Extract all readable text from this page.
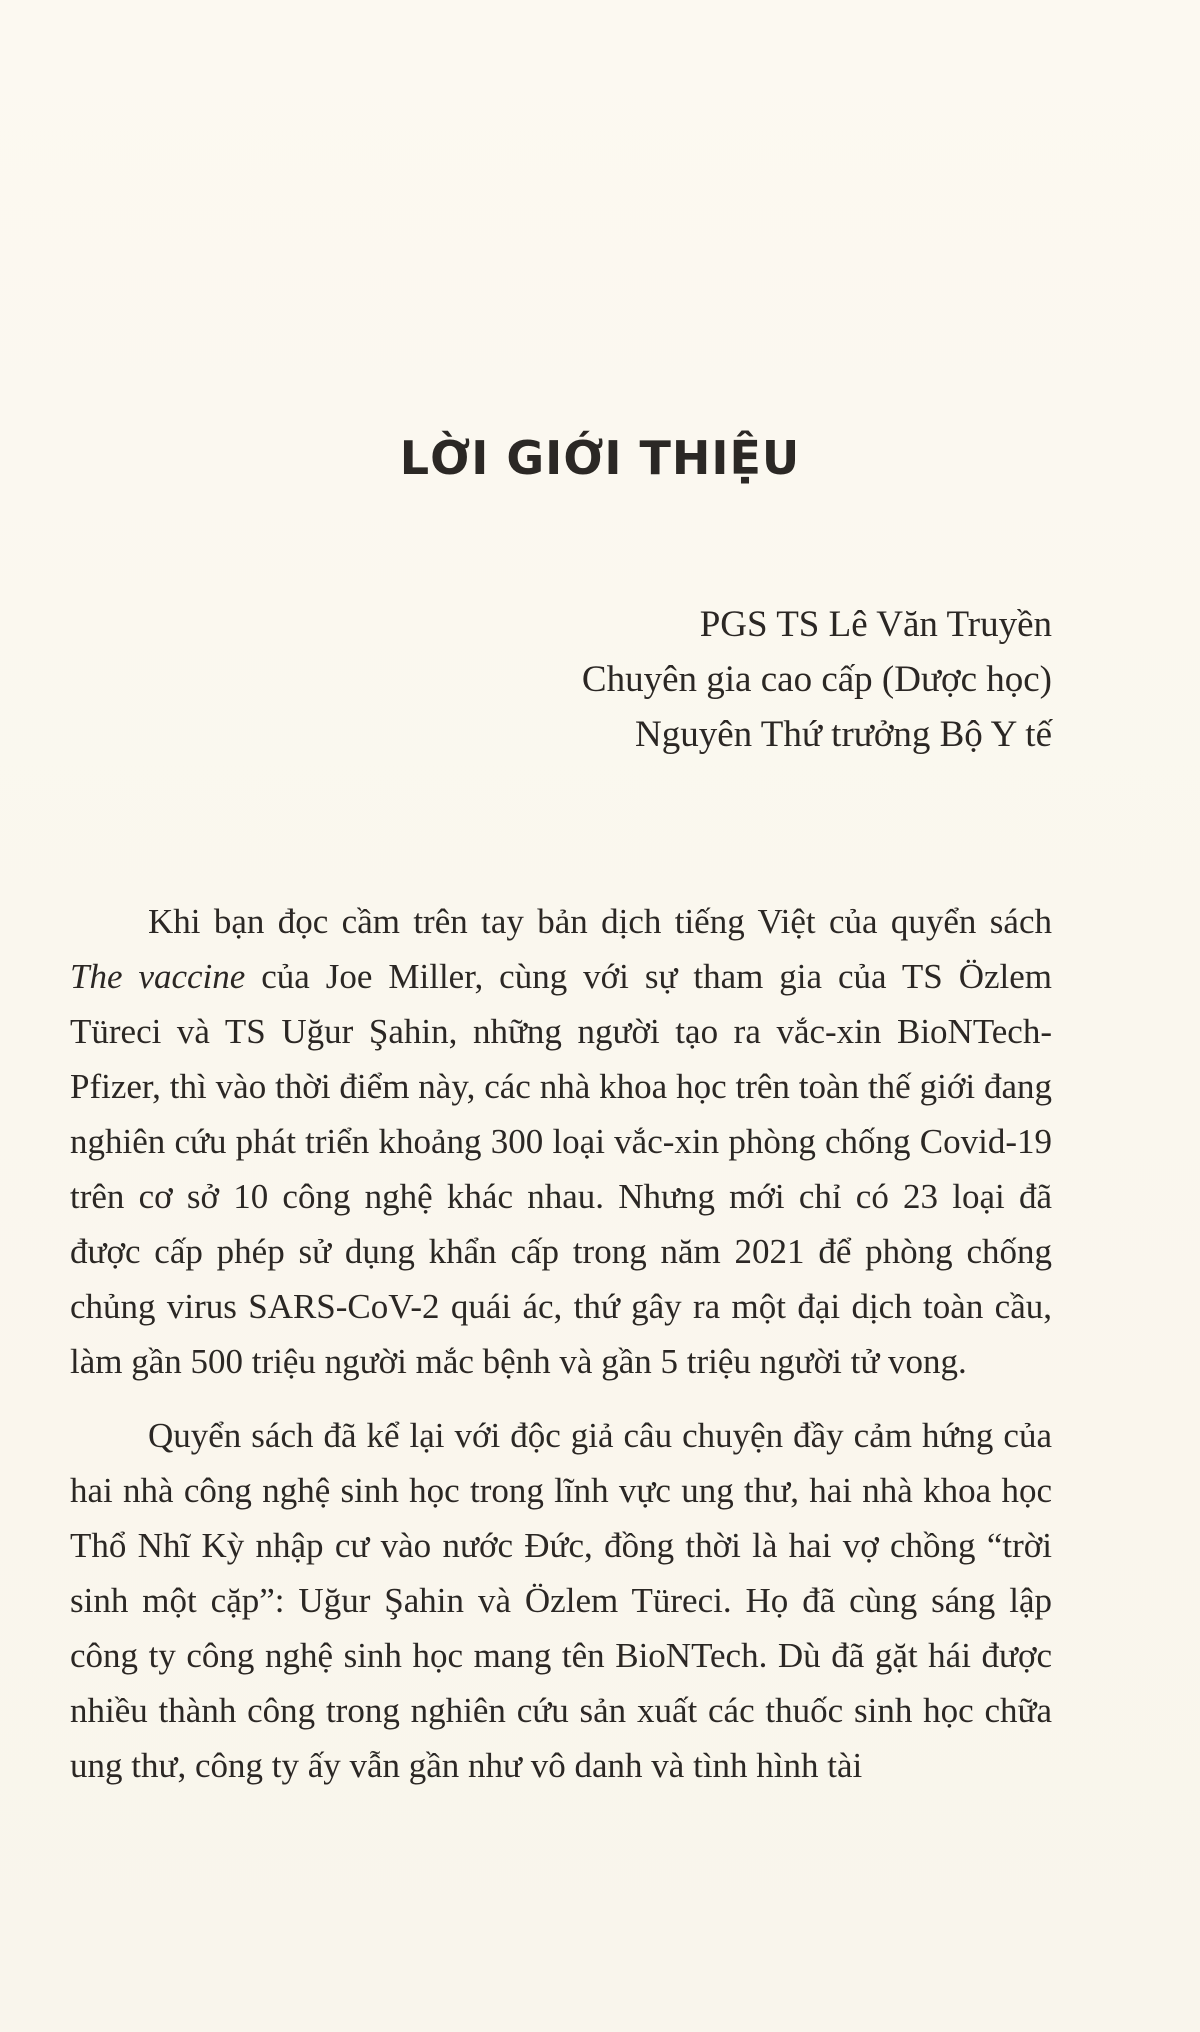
LỜI GIỚI THIỆU
PGS TS Lê Văn Truyền
Chuyên gia cao cấp (Dược học)
Nguyên Thứ trưởng Bộ Y tế

Khi bạn đọc cầm trên tay bản dịch tiếng Việt của quyển sách The vaccine của Joe Miller, cùng với sự tham gia của TS Özlem Türeci và TS Uğur Şahin, những người tạo ra vắc-xin BioNTech-Pfizer, thì vào thời điểm này, các nhà khoa học trên toàn thế giới đang nghiên cứu phát triển khoảng 300 loại vắc-xin phòng chống Covid-19 trên cơ sở 10 công nghệ khác nhau. Nhưng mới chỉ có 23 loại đã được cấp phép sử dụng khẩn cấp trong năm 2021 để phòng chống chủng virus SARS-CoV-2 quái ác, thứ gây ra một đại dịch toàn cầu, làm gần 500 triệu người mắc bệnh và gần 5 triệu người tử vong.

Quyển sách đã kể lại với độc giả câu chuyện đầy cảm hứng của hai nhà công nghệ sinh học trong lĩnh vực ung thư, hai nhà khoa học Thổ Nhĩ Kỳ nhập cư vào nước Đức, đồng thời là hai vợ chồng “trời sinh một cặp”: Uğur Şahin và Özlem Türeci. Họ đã cùng sáng lập công ty công nghệ sinh học mang tên BioNTech. Dù đã gặt hái được nhiều thành công trong nghiên cứu sản xuất các thuốc sinh học chữa ung thư, công ty ấy vẫn gần như vô danh và tình hình tài
